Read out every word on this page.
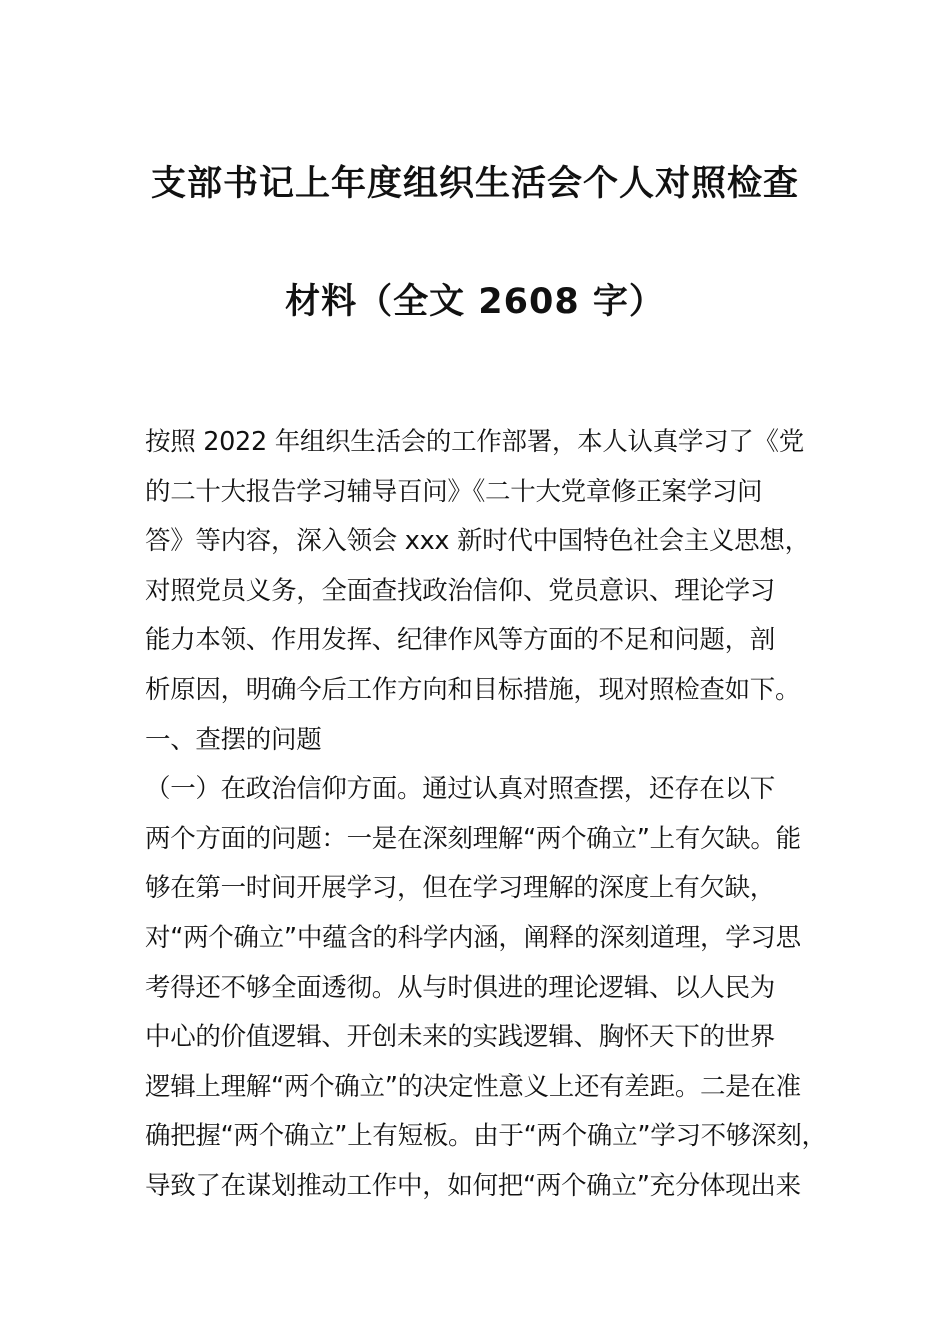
支部书记上年度组织生活会个人对照检查
材料（全文 2608 字）
按照 2022 年组织生活会的工作部署，本人认真学习了《党
的二十大报告学习辅导百问》《二十大党章修正案学习问
答》等内容，深入领会 xxx 新时代中国特色社会主义思想，
对照党员义务，全面查找政治信仰、党员意识、理论学习
能力本领、作用发挥、纪律作风等方面的不足和问题，剖
析原因，明确今后工作方向和目标措施，现对照检查如下。
一、查摆的问题
（一）在政治信仰方面。通过认真对照查摆，还存在以下
两个方面的问题：一是在深刻理解“两个确立”上有欠缺。能
够在第一时间开展学习，但在学习理解的深度上有欠缺，
对“两个确立”中蕴含的科学内涵，阐释的深刻道理，学习思
考得还不够全面透彻。从与时俱进的理论逻辑、以人民为
中心的价值逻辑、开创未来的实践逻辑、胸怀天下的世界
逻辑上理解“两个确立”的决定性意义上还有差距。二是在准
确把握“两个确立”上有短板。由于“两个确立”学习不够深刻，
导致了在谋划推动工作中，如何把“两个确立”充分体现出来
